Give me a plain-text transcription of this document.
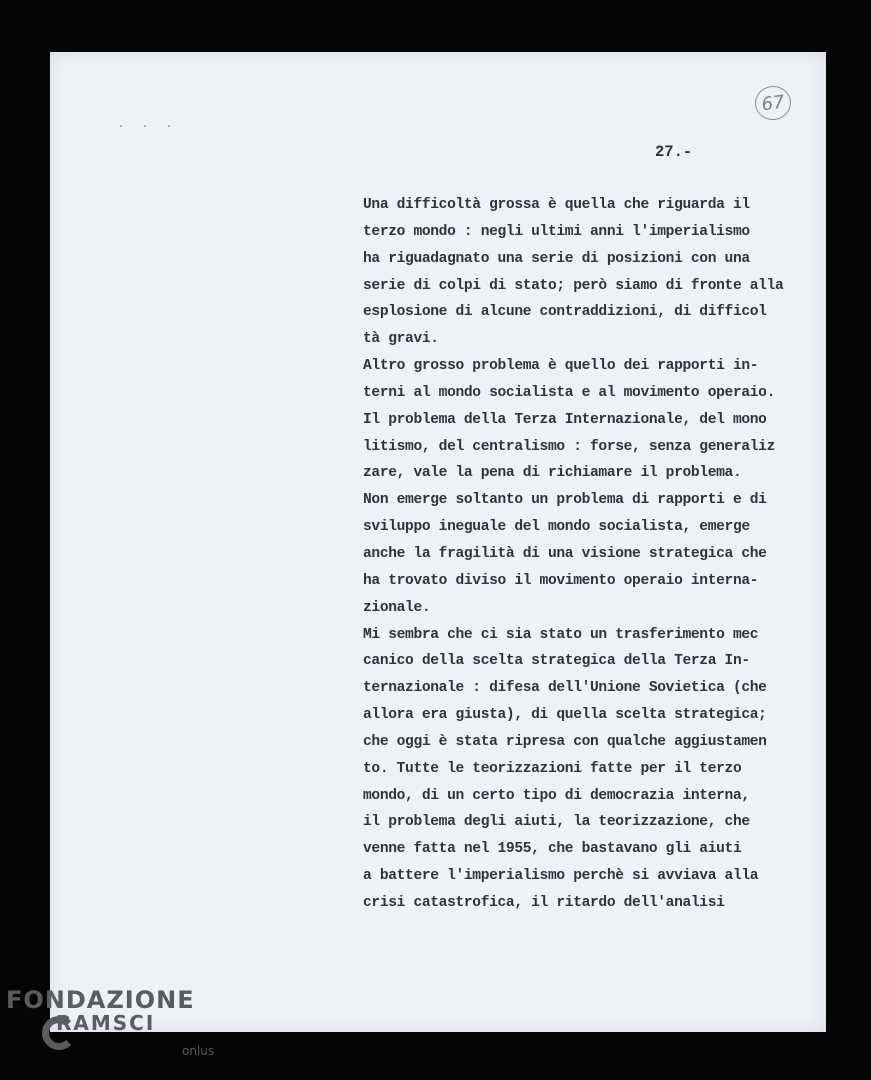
67
· · ·
27.-
Una difficoltà grossa è quella che riguarda il
terzo mondo : negli ultimi anni l'imperialismo
ha riguadagnato una serie di posizioni con una
serie di colpi di stato; però siamo di fronte alla
esplosione di alcune contraddizioni, di difficol
tà gravi.
Altro grosso problema è quello dei rapporti in-
terni al mondo socialista e al movimento operaio.
Il problema della Terza Internazionale, del mono
litismo, del centralismo : forse, senza generaliz
zare, vale la pena di richiamare il problema.
Non emerge soltanto un problema di rapporti e di
sviluppo ineguale del mondo socialista, emerge
anche la fragilità di una visione strategica che
ha trovato diviso il movimento operaio interna-
zionale.
Mi sembra che ci sia stato un trasferimento mec
canico della scelta strategica della Terza In-
ternazionale : difesa dell'Unione Sovietica (che
allora era giusta), di quella scelta strategica;
che oggi è stata ripresa con qualche aggiustamen
to. Tutte le teorizzazioni fatte per il terzo
mondo, di un certo tipo di democrazia interna,
il problema degli aiuti, la teorizzazione, che
venne fatta nel 1955, che bastavano gli aiuti
a battere l'imperialismo perchè si avviava alla
crisi catastrofica, il ritardo dell'analisi
FONDAZIONE
RAMSCI
onlus
